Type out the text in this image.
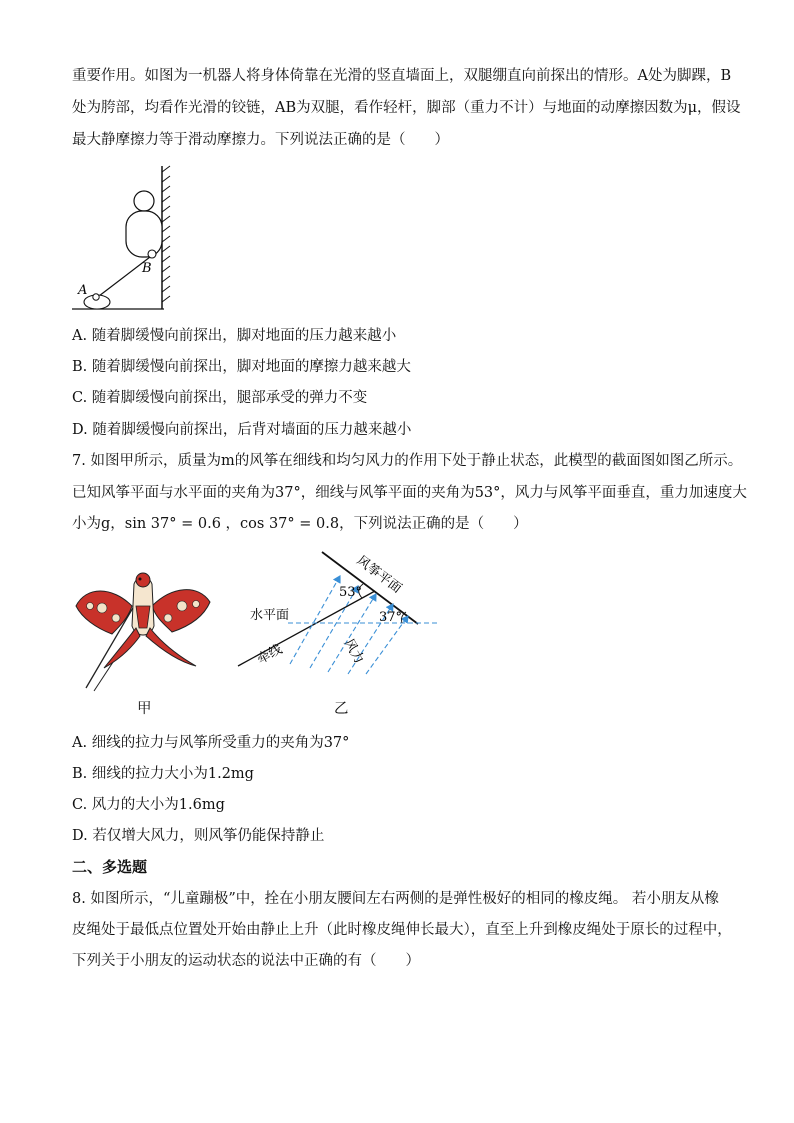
重要作用。如图为一机器人将身体倚靠在光滑的竖直墙面上，双腿绷直向前探出的情形。A处为脚踝，B
处为胯部，均看作光滑的铰链，AB为双腿，看作轻杆，脚部（重力不计）与地面的动摩擦因数为μ，假设
最大静摩擦力等于滑动摩擦力。下列说法正确的是（　　）
B
A
A. 随着脚缓慢向前探出，脚对地面的压力越来越小
B. 随着脚缓慢向前探出，脚对地面的摩擦力越来越大
C. 随着脚缓慢向前探出，腿部承受的弹力不变
D. 随着脚缓慢向前探出，后背对墙面的压力越来越小
7. 如图甲所示，质量为m的风筝在细线和均匀风力的作用下处于静止状态，此模型的截面图如图乙所示。
已知风筝平面与水平面的夹角为37°，细线与风筝平面的夹角为53°，风力与风筝平面垂直，重力加速度大
小为g，sin 37° = 0.6 ，cos 37° = 0.8，下列说法正确的是（　　）
53°
37°
风筝平面
水平面
风力
牵线
甲	乙
A. 细线的拉力与风筝所受重力的夹角为37°
B. 细线的拉力大小为1.2mg
C. 风力的大小为1.6mg
D. 若仅增大风力，则风筝仍能保持静止
二、多选题
8. 如图所示，“儿童蹦极”中，拴在小朋友腰间左右两侧的是弹性极好的相同的橡皮绳。 若小朋友从橡
皮绳处于最低点位置处开始由静止上升（此时橡皮绳伸长最大），直至上升到橡皮绳处于原长的过程中，
下列关于小朋友的运动状态的说法中正确的有（　　）
